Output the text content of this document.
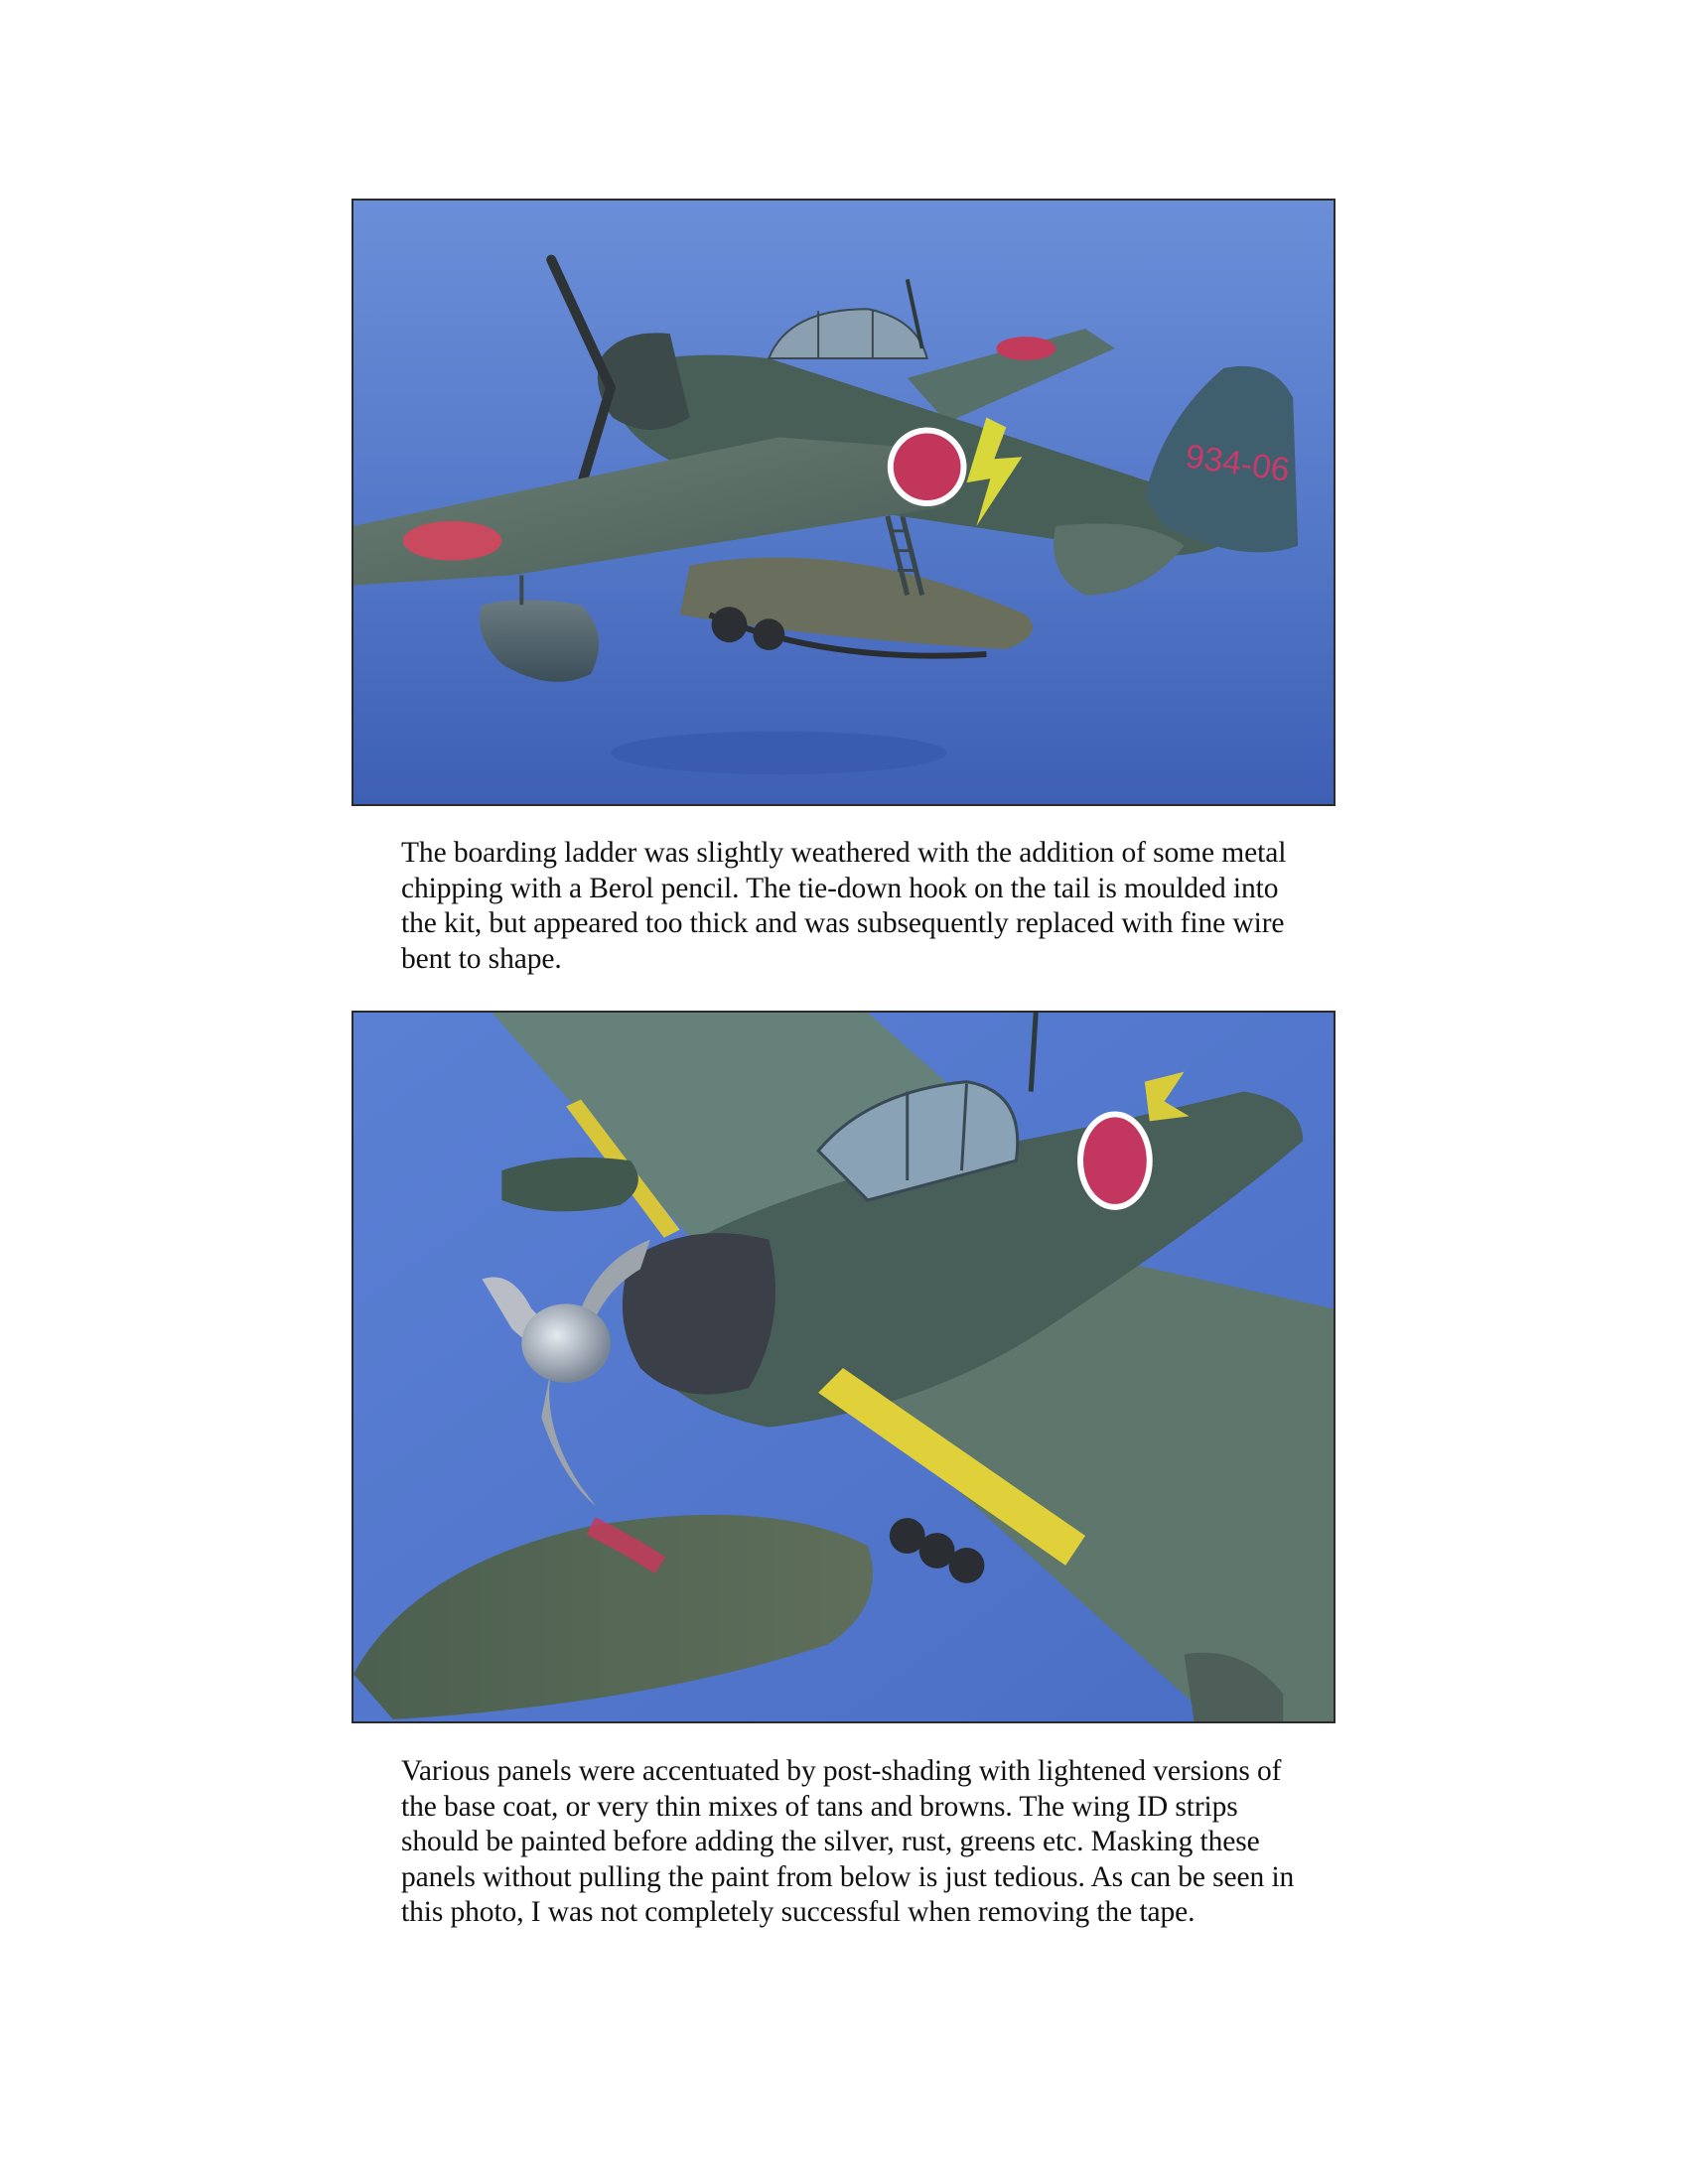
934-06

The boarding ladder was slightly weathered with the addition of some metal chipping with a Berol pencil. The tie-down hook on the tail is moulded into the kit, but appeared too thick and was subsequently replaced with fine wire bent to shape.

Various panels were accentuated by post-shading with lightened versions of the base coat, or very thin mixes of tans and browns. The wing ID strips should be painted before adding the silver, rust, greens etc. Masking these panels without pulling the paint from below is just tedious. As can be seen in this photo, I was not completely successful when removing the tape.
